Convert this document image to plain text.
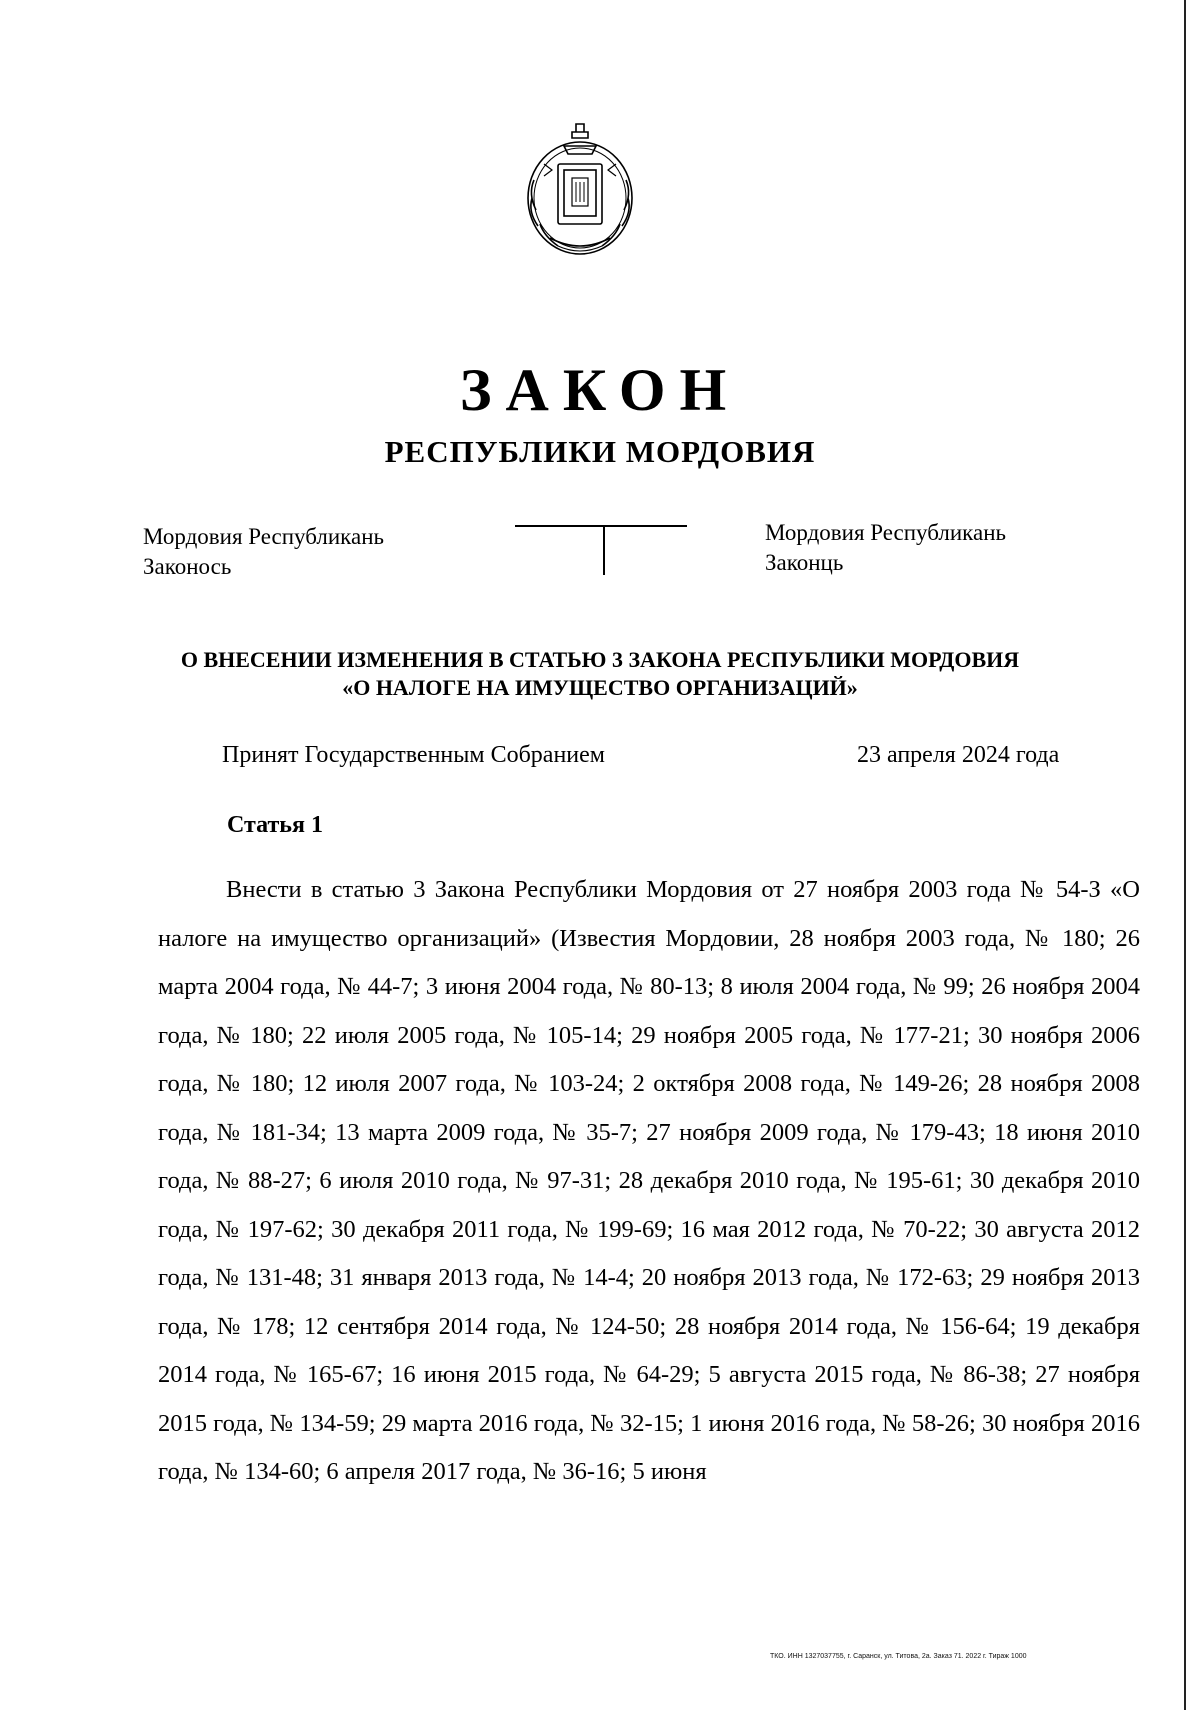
ЗАКОН
РЕСПУБЛИКИ МОРДОВИЯ
Мордовия Республикань
Законось
Мордовия Республикань
Законць
О ВНЕСЕНИИ ИЗМЕНЕНИЯ В СТАТЬЮ 3 ЗАКОНА РЕСПУБЛИКИ МОРДОВИЯ
«О НАЛОГЕ НА ИМУЩЕСТВО ОРГАНИЗАЦИЙ»
Принят Государственным Собранием	23 апреля 2024 года
Статья 1

Внести в статью 3 Закона Республики Мордовия от 27 ноября 2003 года № 54-З «О налоге на имущество организаций» (Известия Мордовии, 28 ноября 2003 года, № 180; 26 марта 2004 года, № 44-7; 3 июня 2004 года, № 80-13; 8 июля 2004 года, № 99; 26 ноября 2004 года, № 180; 22 июля 2005 года, № 105-14; 29 ноября 2005 года, № 177-21; 30 ноября 2006 года, № 180; 12 июля 2007 года, № 103-24; 2 октября 2008 года, № 149-26; 28 ноября 2008 года, № 181-34; 13 марта 2009 года, № 35-7; 27 ноября 2009 года, № 179-43; 18 июня 2010 года, № 88-27; 6 июля 2010 года, № 97-31; 28 декабря 2010 года, № 195-61; 30 декабря 2010 года, № 197-62; 30 декабря 2011 года, № 199-69; 16 мая 2012 года, № 70-22; 30 августа 2012 года, № 131-48; 31 января 2013 года, № 14-4; 20 ноября 2013 года, № 172-63; 29 ноября 2013 года, № 178; 12 сентября 2014 года, № 124-50; 28 ноября 2014 года, № 156-64; 19 декабря 2014 года, № 165-67; 16 июня 2015 года, № 64-29; 5 августа 2015 года, № 86-38; 27 ноября 2015 года, № 134-59; 29 марта 2016 года, № 32-15; 1 июня 2016 года, № 58-26; 30 ноября 2016 года, № 134-60; 6 апреля 2017 года, № 36-16; 5 июня

ТКО. ИНН 1327037755, г. Саранск, ул. Титова, 2а. Заказ 71. 2022 г. Тираж 1000
